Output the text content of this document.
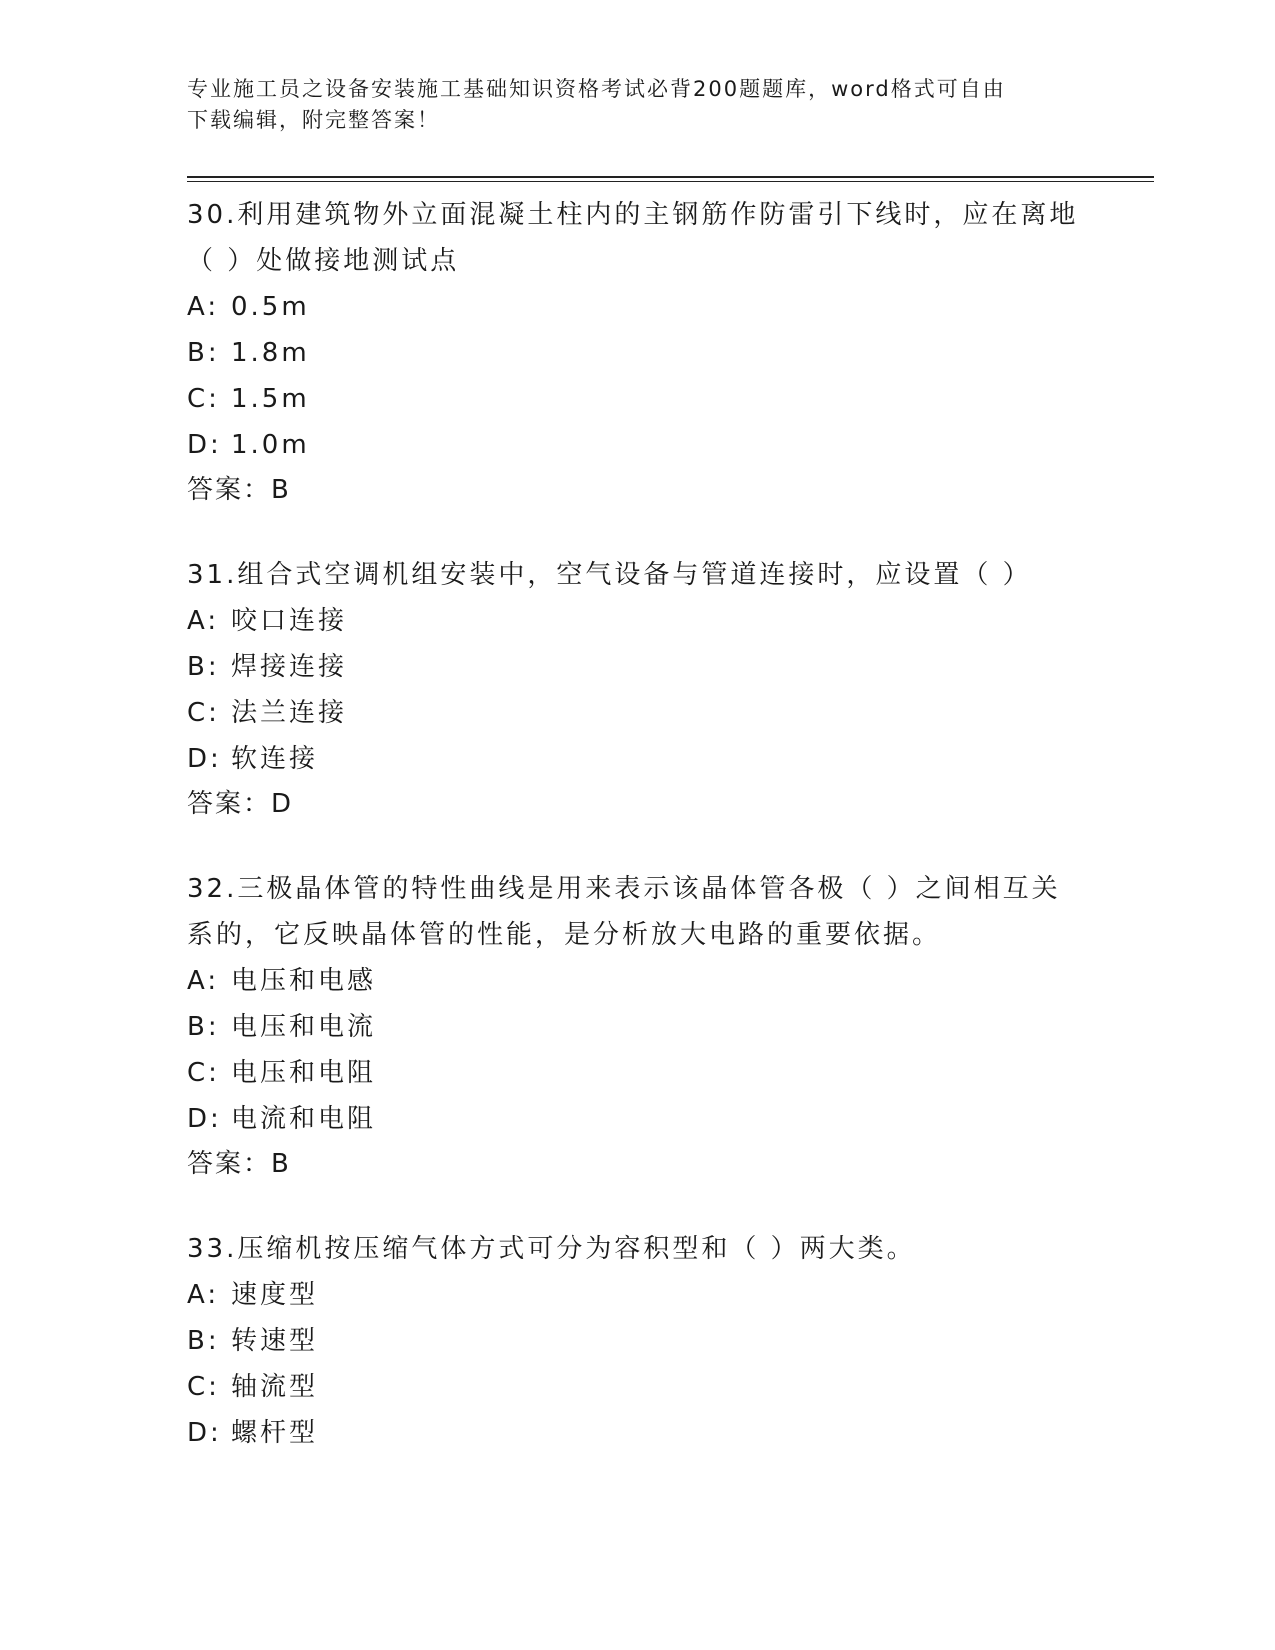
专业施工员之设备安装施工基础知识资格考试必背200题题库，word格式可自由
下载编辑，附完整答案！
30.利用建筑物外立面混凝土柱内的主钢筋作防雷引下线时，应在离地
（ ）处做接地测试点
A: 0.5m
B: 1.8m
C: 1.5m
D: 1.0m
答案：B
31.组合式空调机组安装中，空气设备与管道连接时，应设置（ ）
A: 咬口连接
B: 焊接连接
C: 法兰连接
D: 软连接
答案：D
32.三极晶体管的特性曲线是用来表示该晶体管各极（ ）之间相互关
系的，它反映晶体管的性能，是分析放大电路的重要依据。
A: 电压和电感
B: 电压和电流
C: 电压和电阻
D: 电流和电阻
答案：B
33.压缩机按压缩气体方式可分为容积型和（ ）两大类。
A: 速度型
B: 转速型
C: 轴流型
D: 螺杆型
